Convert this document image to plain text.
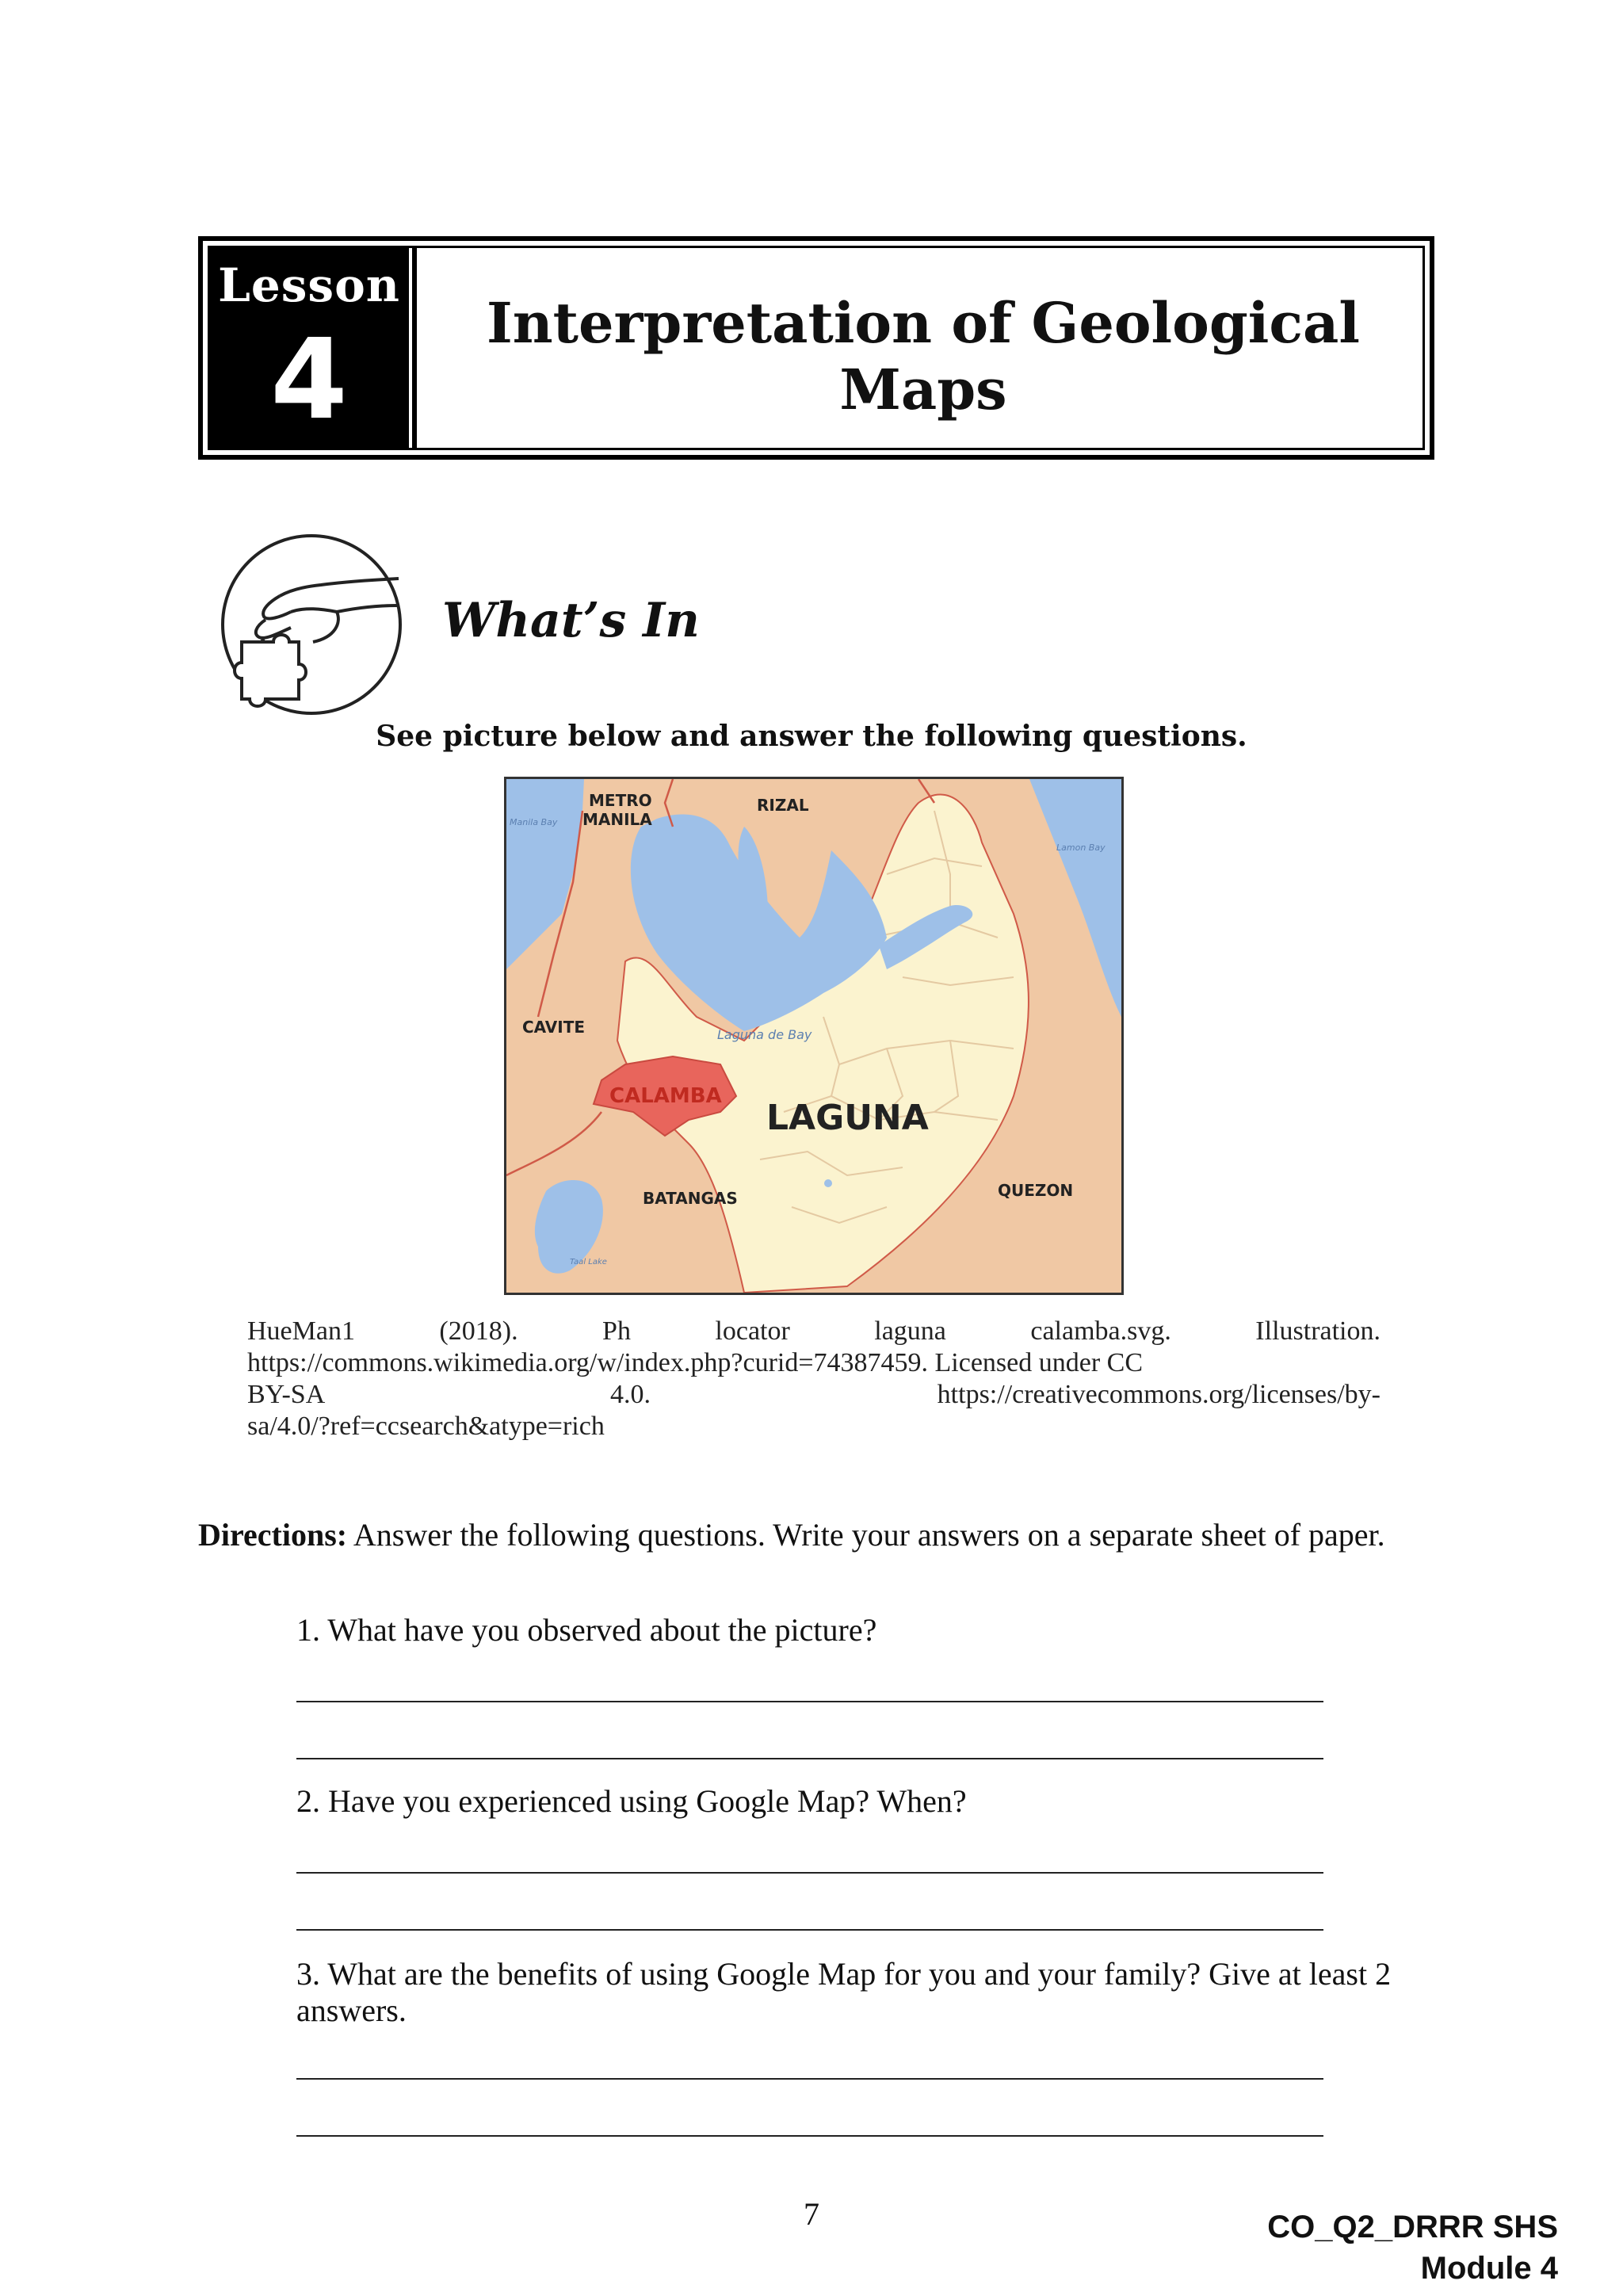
Lesson
4	Interpretation of Geological
Maps
What’s In
See picture below and answer the following questions.
METRO
MANILA
RIZAL
Manila Bay
Lamon Bay
CAVITE	Laguna de Bay
CALAMBA
LAGUNA
BATANGAS	QUEZON
Taal Lake
HueMan1 (2018). Ph locator laguna calamba.svg. Illustration.
https://commons.wikimedia.org/w/index.php?curid=74387459. Licensed under CC
BY-SA 4.0. https://creativecommons.org/licenses/by-
sa/4.0/?ref=ccsearch&atype=rich
Directions: Answer the following questions. Write your answers on a separate sheet of paper.
1. What have you observed about the picture?
2. Have you experienced using Google Map? When?
3. What are the benefits of using Google Map for you and your family? Give at least 2 answers.
7	CO_Q2_DRRR SHS
Module 4
